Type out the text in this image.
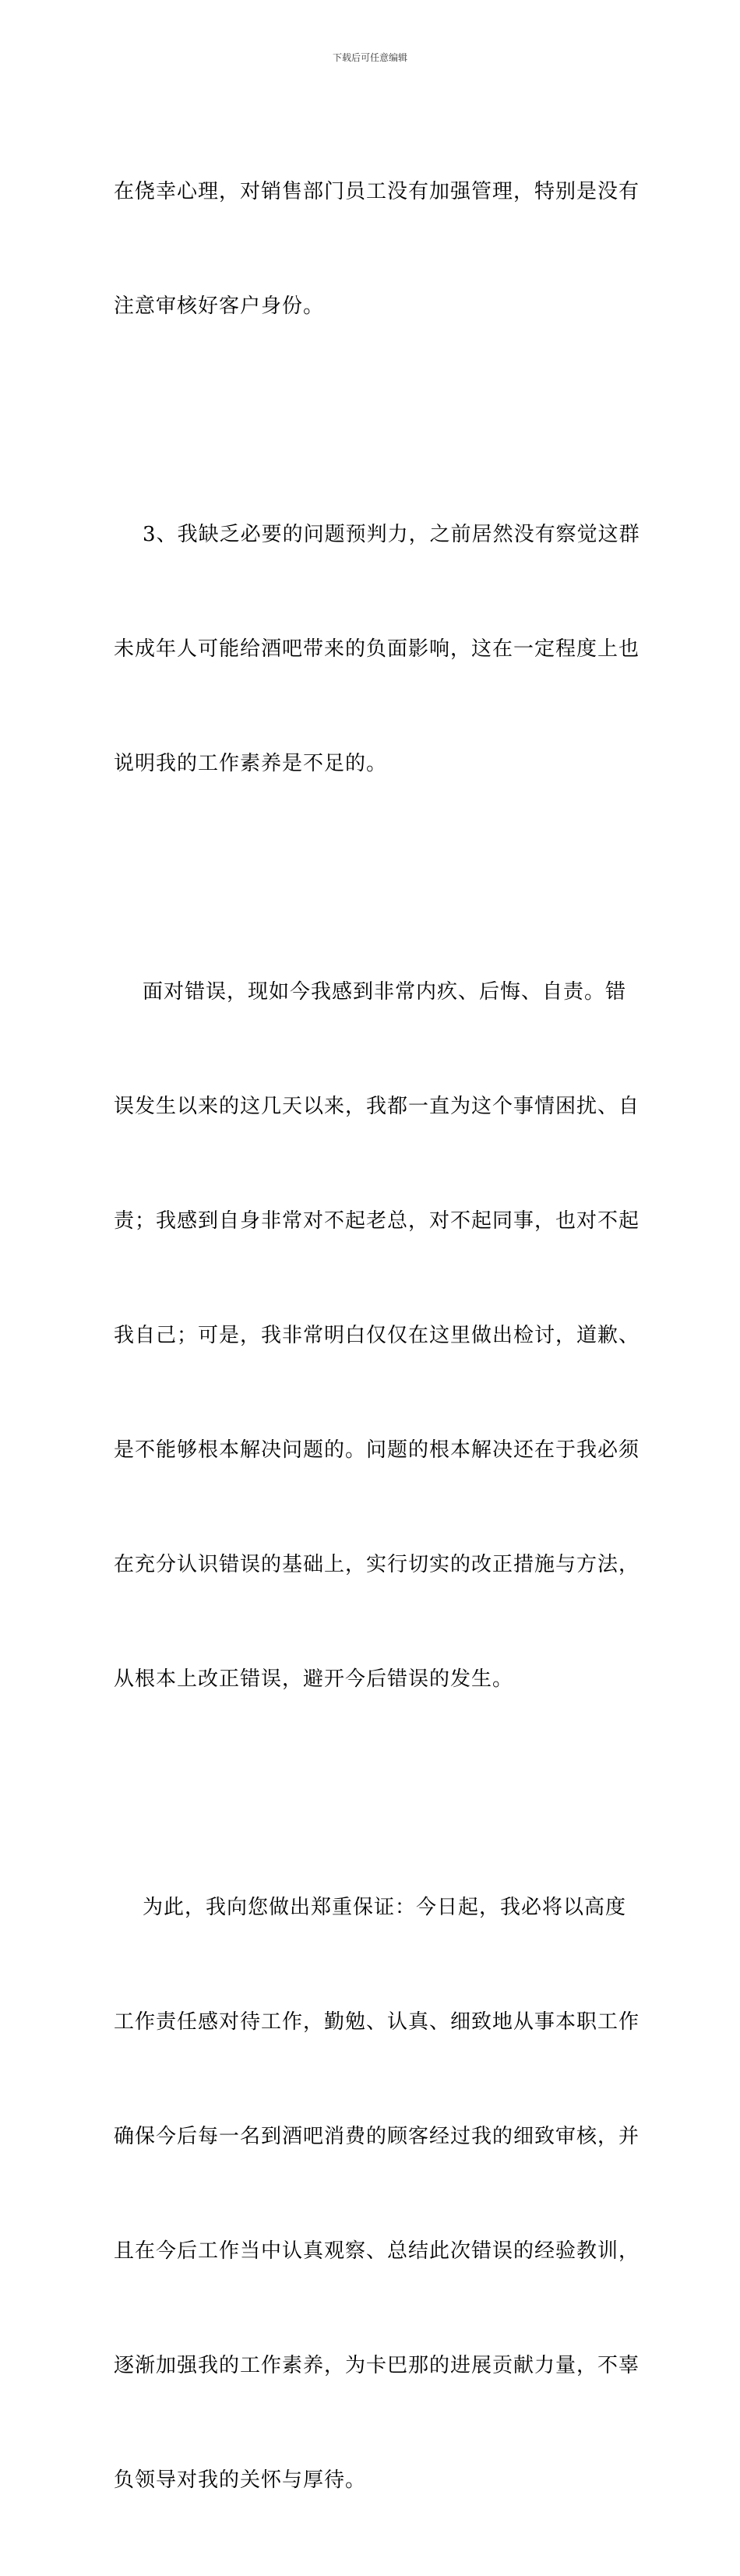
下载后可任意编辑

在侥幸心理，对销售部门员工没有加强管理，特别是没有

注意审核好客户身份。

3、我缺乏必要的问题预判力，之前居然没有察觉这群

未成年人可能给酒吧带来的负面影响，这在一定程度上也

说明我的工作素养是不足的。

面对错误，现如今我感到非常内疚、后悔、自责。错

误发生以来的这几天以来，我都一直为这个事情困扰、自

责；我感到自身非常对不起老总，对不起同事，也对不起

我自己；可是，我非常明白仅仅在这里做出检讨，道歉、

是不能够根本解决问题的。问题的根本解决还在于我必须

在充分认识错误的基础上，实行切实的改正措施与方法，

从根本上改正错误，避开今后错误的发生。

为此，我向您做出郑重保证：今日起，我必将以高度

工作责任感对待工作，勤勉、认真、细致地从事本职工作

确保今后每一名到酒吧消费的顾客经过我的细致审核，并

且在今后工作当中认真观察、总结此次错误的经验教训，

逐渐加强我的工作素养，为卡巴那的进展贡献力量，不辜

负领导对我的关怀与厚待。
